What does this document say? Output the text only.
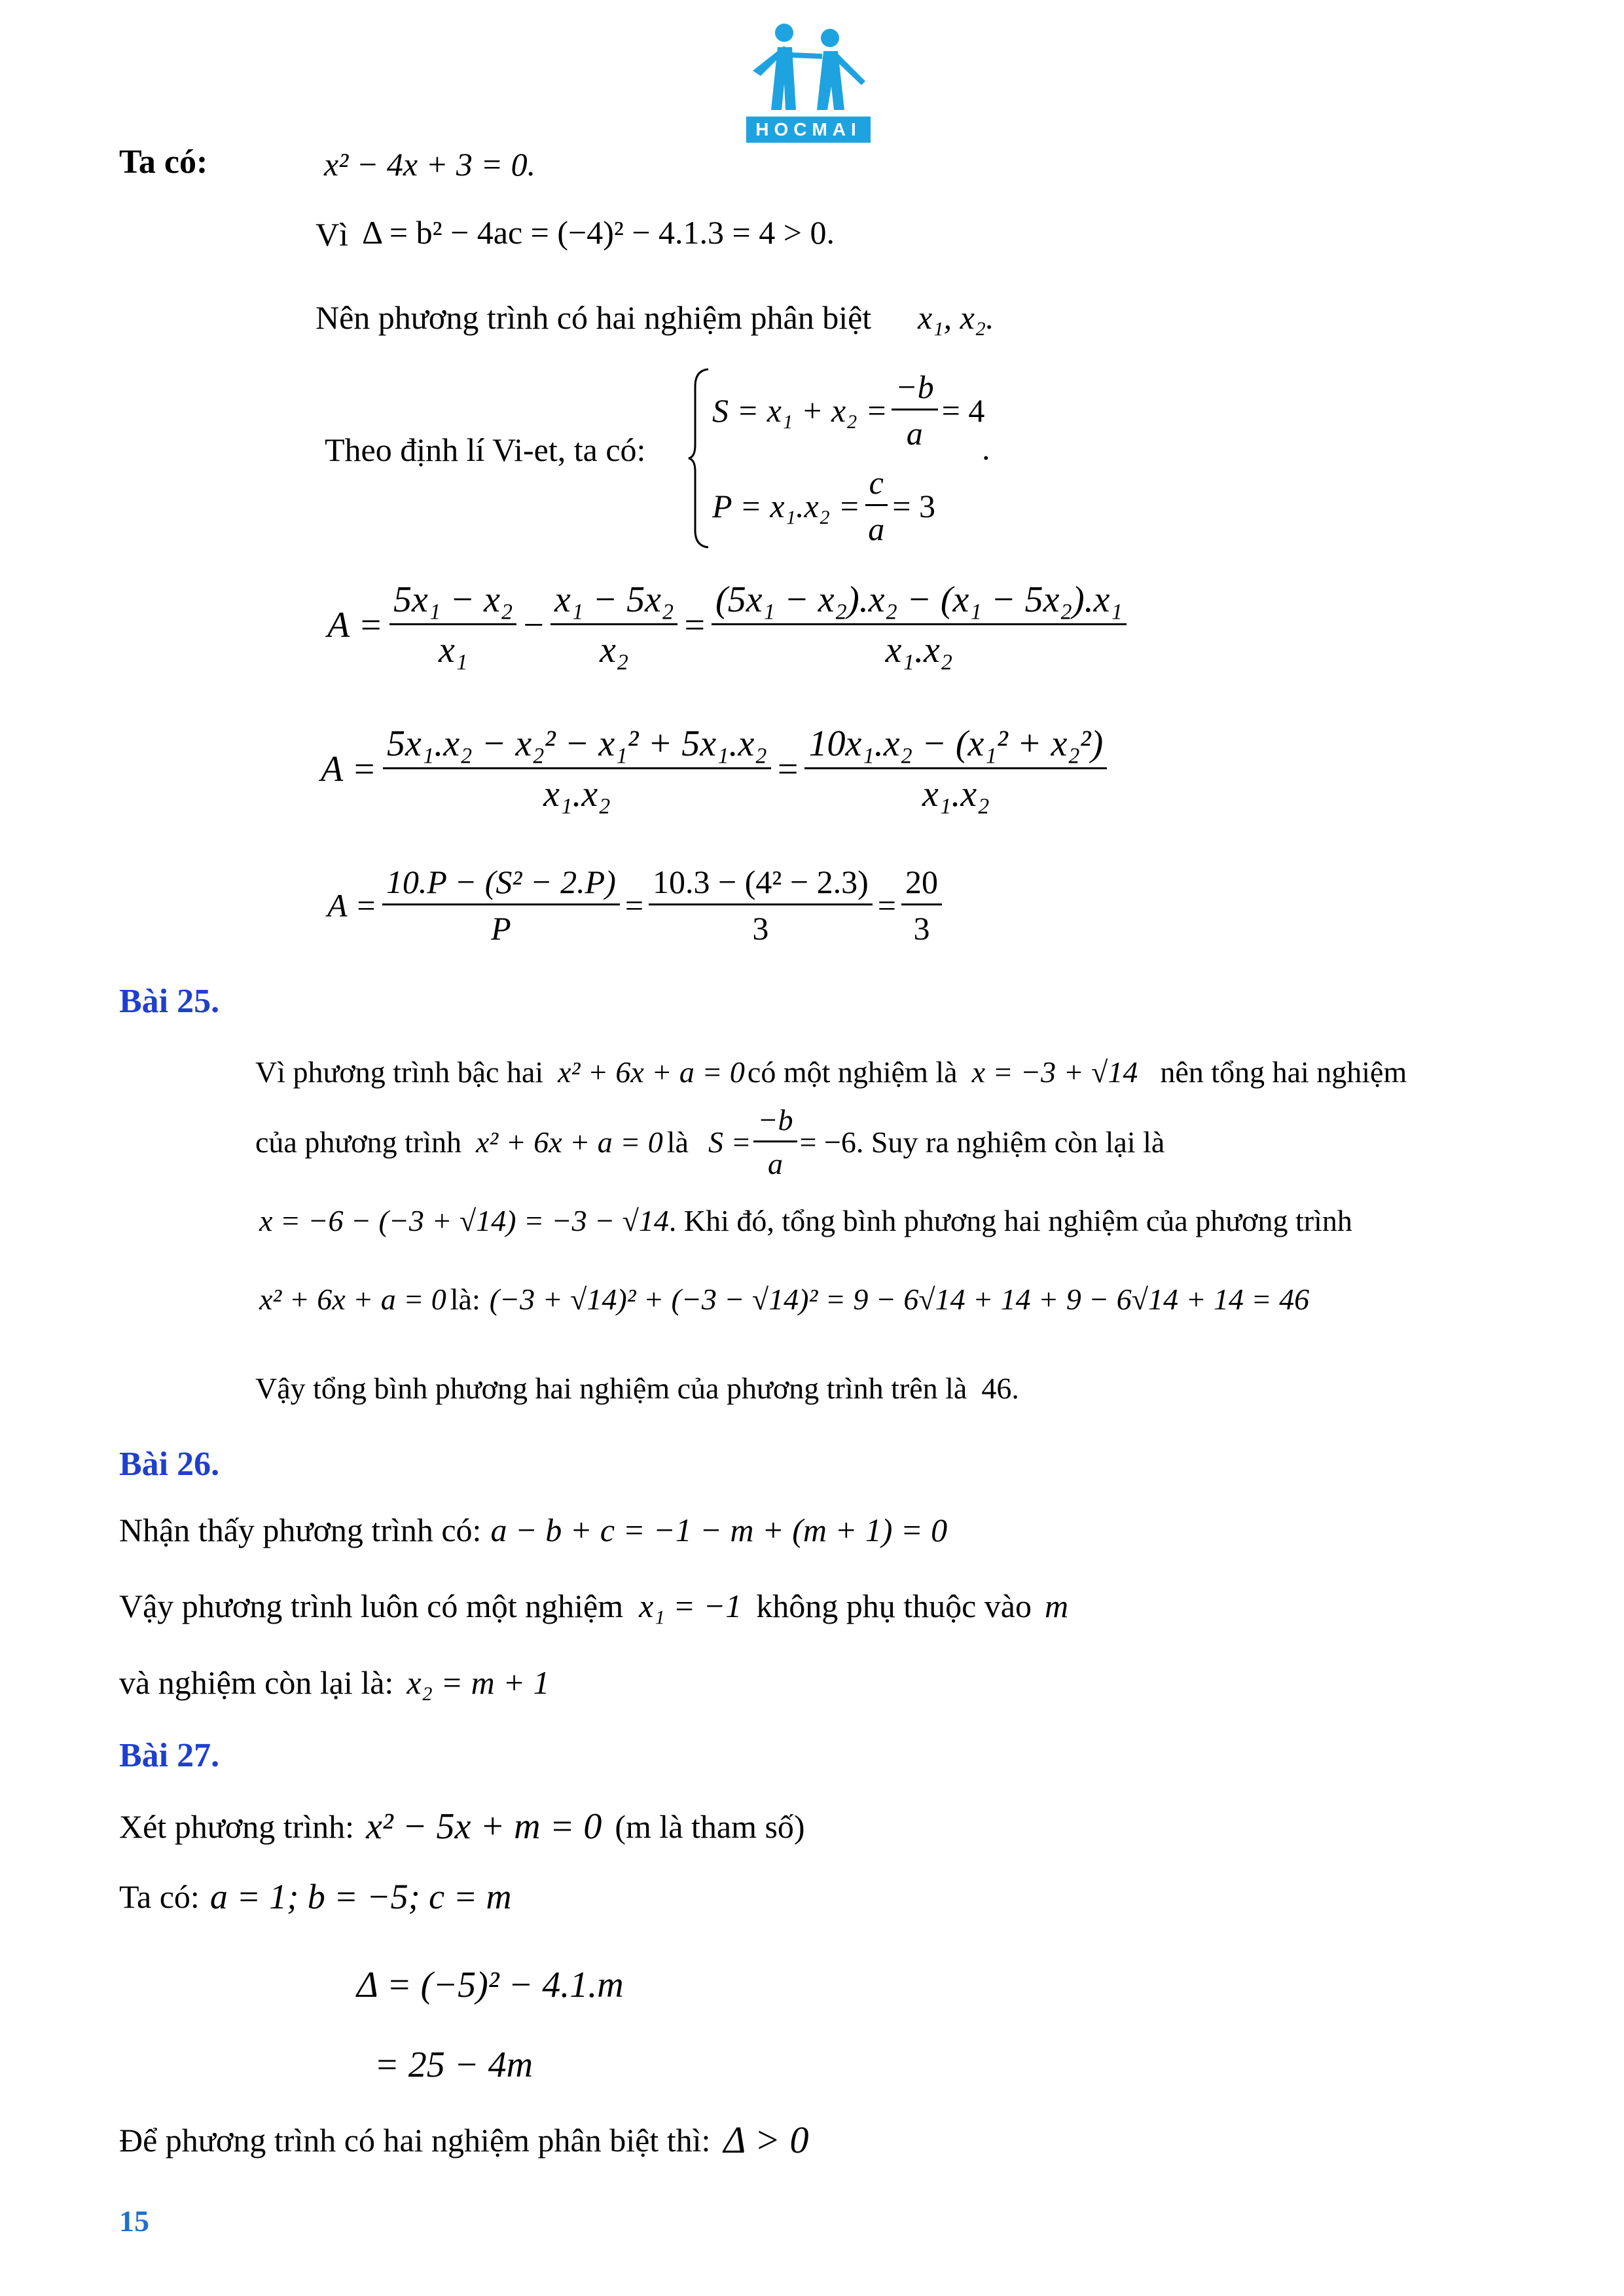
HOCMAI
Ta có:	x² − 4x + 3 = 0.
Vì Δ = b² − 4ac = (−4)² − 4.1.3 = 4 > 0.
Nên phương trình có hai nghiệm phân biệt x₁, x₂.
Theo định lí Vi-et, ta có:
$S = x_1 + x_2 = \frac{-b}{a} = 4$
.
$P = x_1.x_2 = \frac{c}{a} = 3$
$A = \frac{\text{5x₁ − x₂}}{\text{x₁}} - \frac{\text{x₁ − 5x₂}}{\text{x₂}} = \frac{\text{(5x₁ − x₂).x₂ − (x₁ − 5x₂).x₁}}{\text{x₁.x₂}}$
$A = \frac{\text{5x₁.x₂ − x₂² − x₁² + 5x₁.x₂}}{\text{x₁.x₂}} = \frac{\text{10x₁.x₂ − (x₁² + x₂²)}}{\text{x₁.x₂}}$
$A = \frac{\text{10.P − (S² − 2.P)}}{P} = \frac{\text{10.3 − (4² − 2.3)}}{3} = \frac{20}{3}$
Bài 25.
Vì phương trình bậc hai x² + 6x + a = 0 có một nghiệm là x = −3 + √14 nên tổng hai nghiệm
của phương trình x² + 6x + a = 0 là $S = \frac{-b}{a} = -6$ . Suy ra nghiệm còn lại là
x = −6 − (−3 + √14) = −3 − √14 . Khi đó, tổng bình phương hai nghiệm của phương trình
x² + 6x + a = 0 là: (−3 + √14)² + (−3 − √14)² = 9 − 6√14 + 14 + 9 − 6√14 + 14 = 46
Vậy tổng bình phương hai nghiệm của phương trình trên là 46 .
Bài 26.
Nhận thấy phương trình có: a − b + c = −1 − m + (m + 1) = 0
Vậy phương trình luôn có một nghiệm x₁ = −1 không phụ thuộc vào m
và nghiệm còn lại là: x₂ = m + 1
Bài 27.
Xét phương trình: x² − 5x + m = 0 (m là tham số)
Ta có: a = 1; b = −5; c = m
Δ = (−5)² − 4.1.m
= 25 − 4m
Để phương trình có hai nghiệm phân biệt thì: Δ > 0
15
